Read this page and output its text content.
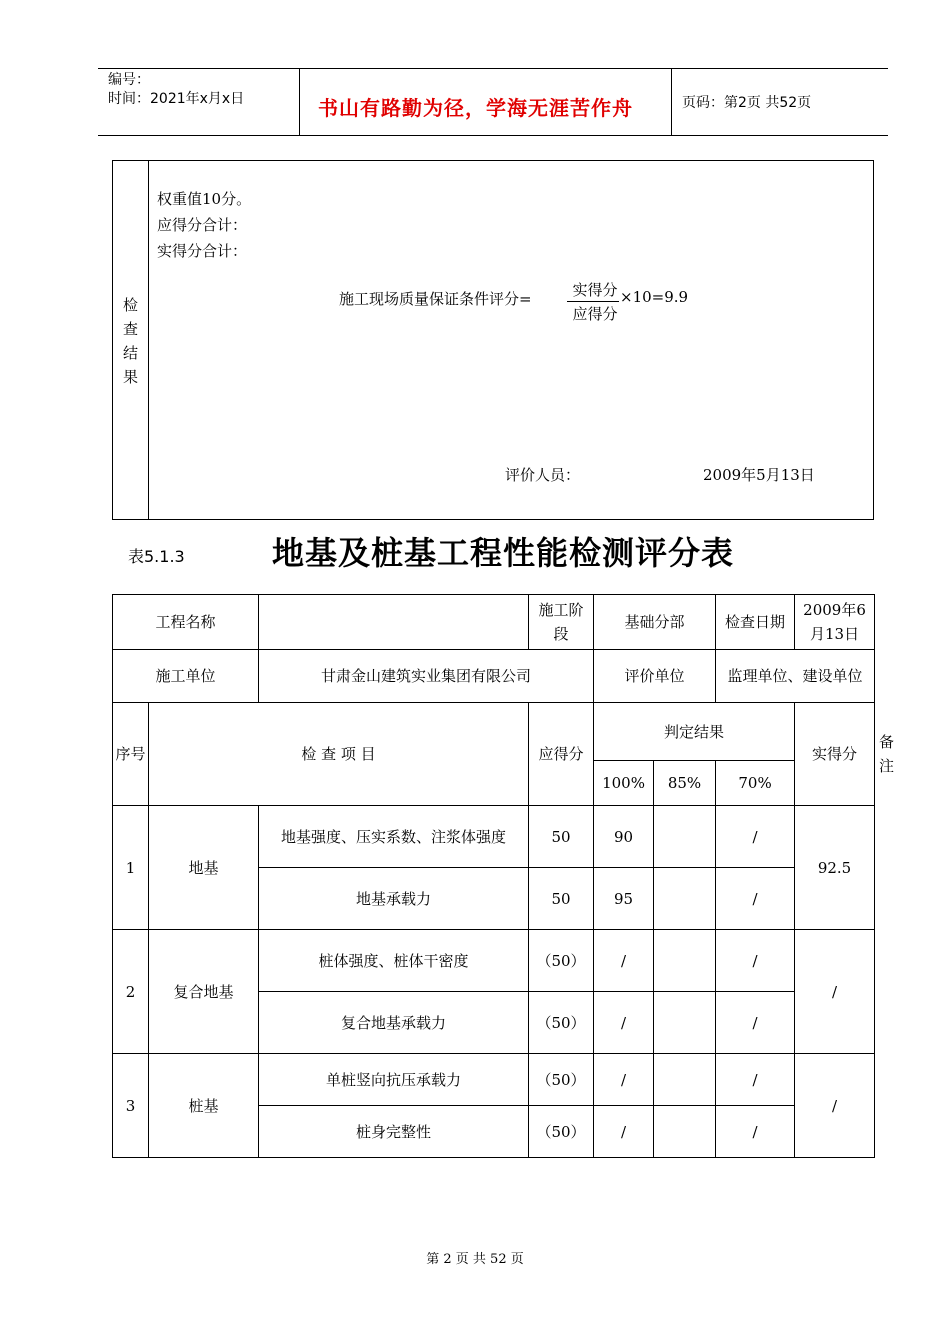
编号：
时间：2021年x月x日	书山有路勤为径，学海无涯苦作舟	页码：第2页 共52页
检
查
结
果
权重值10分。
应得分合计：
实得分合计：
施工现场质量保证条件评分=	实得分
应得分
×10=9.9
评价人员：	2009年5月13日
表5.1.3	地基及桩基工程性能检测评分表
工程名称			施工阶段	基础分部		检查日期	2009年6月13日	
施工单位		甘肃金山建筑实业集团有限公司		评价单位		监理单位、建设单位		
序号	检 查 项 目		应得分	判定结果			实得分	备注
				100%	85%	70%		
1	地基	地基强度、压实系数、注浆体强度	50	90		/	92.5	
		地基承载力	50	95		/		
2	复合地基	桩体强度、桩体干密度	（50）	/		/	/	
		复合地基承载力	（50）	/		/		
3	桩基	单桩竖向抗压承载力	（50）	/		/	/	
		桩身完整性	（50）	/		/		
第 2 页 共 52 页
